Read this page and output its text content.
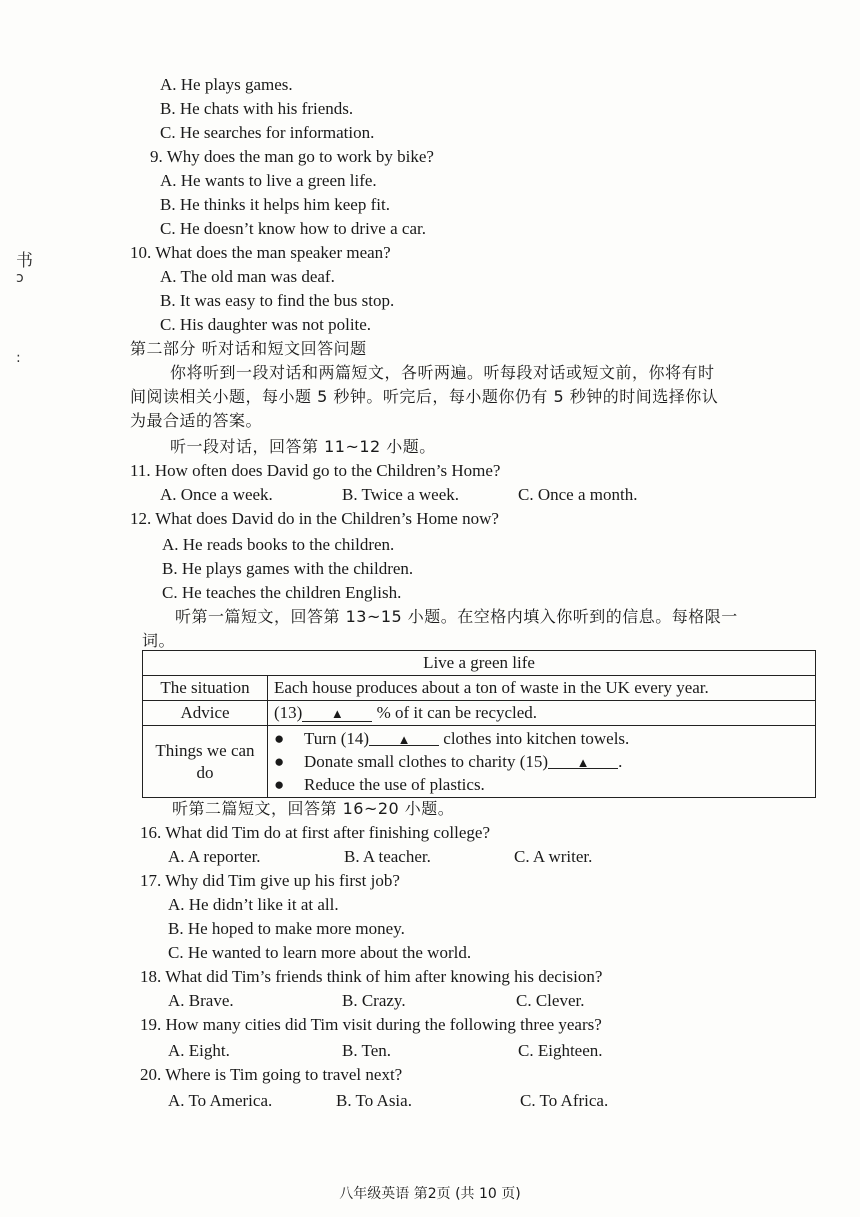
书
ɔ
:
A. He plays games.
B. He chats with his friends.
C. He searches for information.
9. Why does the man go to work by bike?
A. He wants to live a green life.
B. He thinks it helps him keep fit.
C. He doesn’t know how to drive a car.
10. What does the man speaker mean?
A. The old man was deaf.
B. It was easy to find the bus stop.
C. His daughter was not polite.
第二部分 听对话和短文回答问题
你将听到一段对话和两篇短文，各听两遍。听每段对话或短文前，你将有时
间阅读相关小题，每小题 5 秒钟。听完后，每小题你仍有 5 秒钟的时间选择你认
为最合适的答案。
听一段对话，回答第 11~12 小题。
11. How often does David go to the Children’s Home?
A. Once a week.	B. Twice a week.	C. Once a month.
12. What does David do in the Children’s Home now?
A. He reads books to the children.
B. He plays games with the children.
C. He teaches the children English.
听第一篇短文，回答第 13~15 小题。在空格内填入你听到的信息。每格限一
词。
Live a green life	
The situation	Each house produces about a ton of waste in the UK every year.
Advice	(13) ▲ % of it can be recycled.
Things we can do	● Turn (14) ▲ clothes into kitchen towels.
● Donate small clothes to charity (15) ▲ .
● Reduce the use of plastics.
听第二篇短文，回答第 16~20 小题。
16. What did Tim do at first after finishing college?
A. A reporter.	B. A teacher.	C. A writer.
17. Why did Tim give up his first job?
A. He didn’t like it at all.
B. He hoped to make more money.
C. He wanted to learn more about the world.
18. What did Tim’s friends think of him after knowing his decision?
A. Brave.	B. Crazy.	C. Clever.
19. How many cities did Tim visit during the following three years?
A. Eight.	B. Ten.	C. Eighteen.
20. Where is Tim going to travel next?
A. To America.	B. To Asia.	C. To Africa.
八年级英语 第2页 (共 10 页)
